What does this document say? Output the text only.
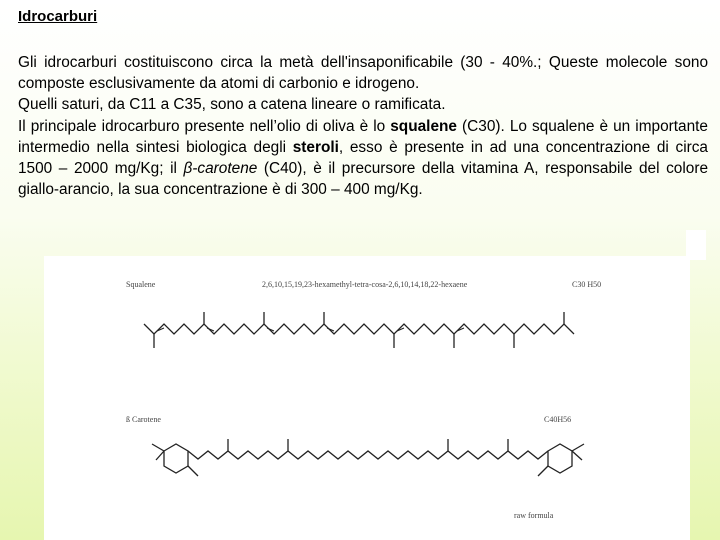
Idrocarburi

Gli idrocarburi costituiscono circa la metà dell'insaponificabile (30 - 40%.; Queste molecole sono composte esclusivamente da atomi di carbonio e idrogeno.

Quelli saturi, da C11 a C35, sono a catena lineare o ramificata.

Il principale idrocarburo presente nell’olio di oliva è lo squalene (C30). Lo squalene è un importante intermedio nella sintesi biologica degli steroli, esso è presente in ad una concentrazione di circa 1500 – 2000 mg/Kg; il β-carotene (C40), è il precursore della vitamina A, responsabile del colore giallo-arancio, la sua concentrazione è di 300 – 400 mg/Kg.

Squalene	2,6,10,15,19,23-hexamethyl-tetra-cosa-2,6,10,14,18,22-hexaene	C30 H50
ß Carotene	C40H56
raw formula
